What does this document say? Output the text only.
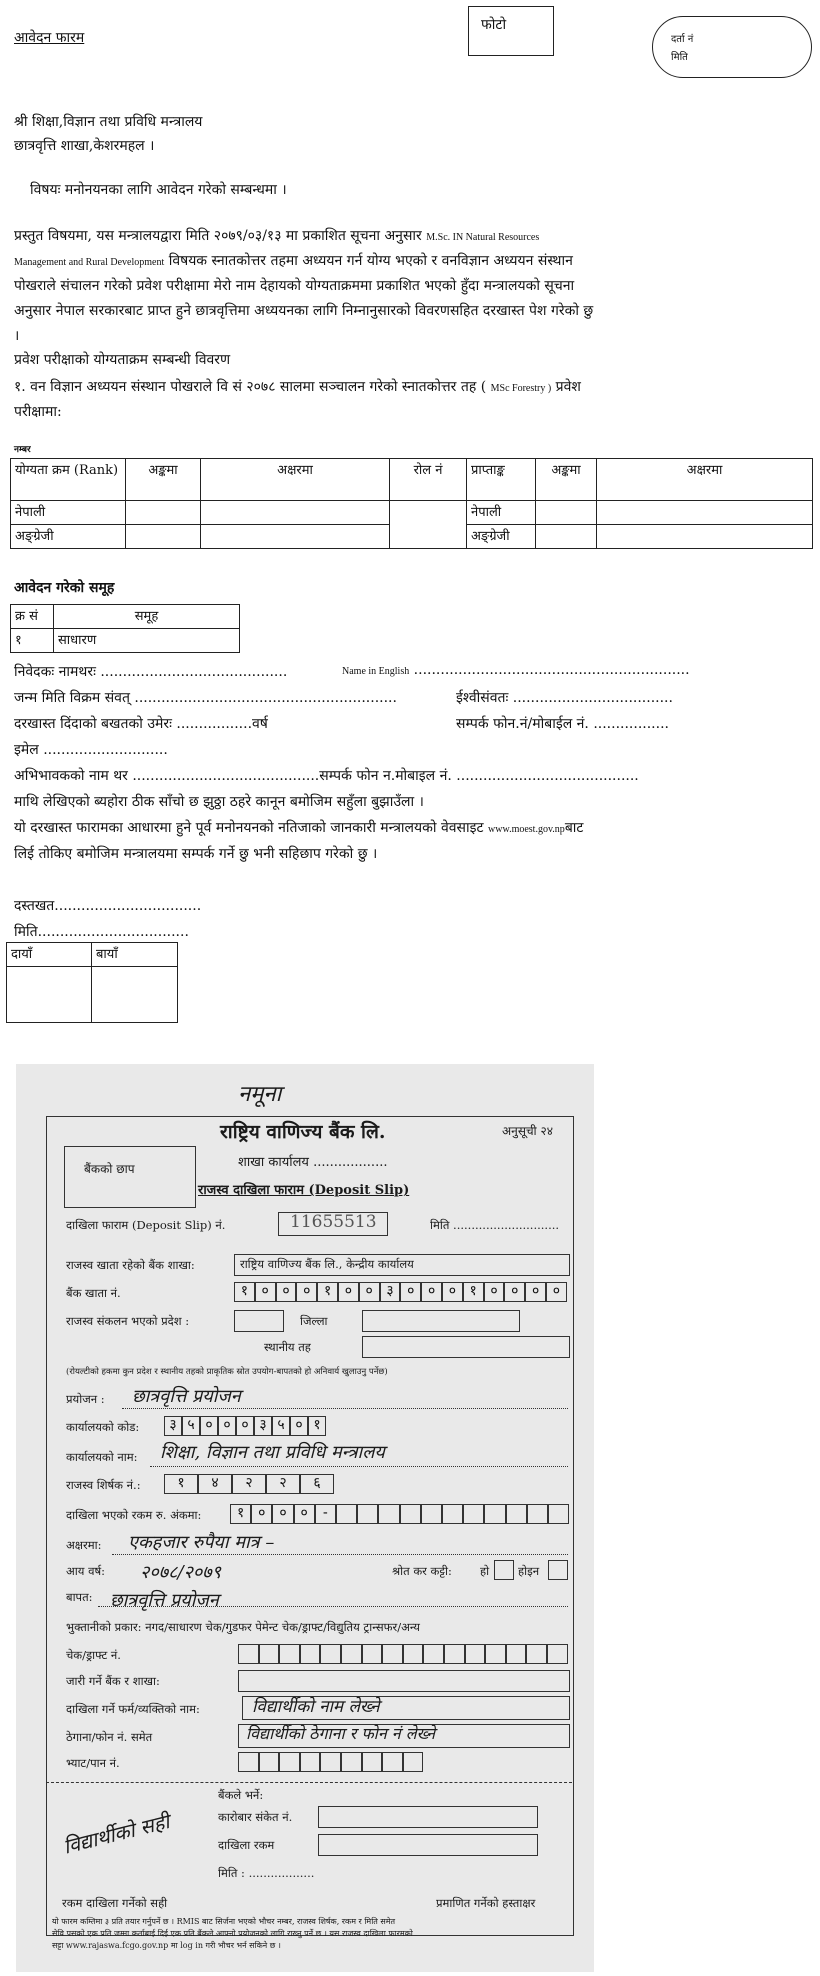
आवेदन फारम
फोटो
दर्ता नं
मिति
श्री शिक्षा,विज्ञान तथा प्रविधि मन्त्रालय
छात्रवृत्ति शाखा,केशरमहल ।
विषयः मनोनयनका लागि आवेदन गरेको सम्बन्धमा ।
प्रस्तुत विषयमा, यस मन्त्रालयद्वारा मिति २०७९/०३/१३ मा प्रकाशित सूचना अनुसार M.Sc. IN Natural Resources
Management and Rural Development विषयक स्नातकोत्तर तहमा अध्ययन गर्न योग्य भएको र वनविज्ञान अध्ययन संस्थान
पोखराले संचालन गरेको प्रवेश परीक्षामा मेरो नाम देहायको योग्यताक्रममा प्रकाशित भएको हुँदा मन्त्रालयको सूचना
अनुसार नेपाल सरकारबाट प्राप्त हुने छात्रवृत्तिमा अध्ययनका लागि निम्नानुसारको विवरणसहित दरखास्त पेश गरेको छु
।
प्रवेश परीक्षाको योग्यताक्रम सम्बन्धी विवरण
१. वन विज्ञान अध्ययन संस्थान पोखराले वि सं २०७८ सालमा सञ्चालन गरेको स्नातकोत्तर तह ( MSc Forestry ) प्रवेश
परीक्षामा:
नम्बर
योग्यता क्रम (Rank)	अङ्कमा	अक्षरमा	रोल नं	प्राप्ताङ्क	अङ्कमा	अक्षरमा
नेपाली				नेपाली		
अङ्ग्रेजी				अङ्ग्रेजी		
आवेदन गरेको समूह
क्र सं	समूह
१	साधारण
निवेदकः नामथरः ..........................................	Name in English ..............................................................
जन्म मिति विक्रम संवत् ...........................................................	ईश्वीसंवतः ....................................
दरखास्त दिंदाको बखतको उमेरः .................वर्ष	सम्पर्क फोन.नं/मोबाईल नं. .................
इमेल ............................
अभिभावकको नाम थर ..........................................सम्पर्क फोन न.मोबाइल नं. .........................................
माथि लेखिएको ब्यहोरा ठीक साँचो छ झुठ्ठा ठहरे कानून बमोजिम सहुँला बुझाउँला ।
यो दरखास्त फारामका आधारमा हुने पूर्व मनोनयनको नतिजाको जानकारी मन्त्रालयको वेवसाइट www.moest.gov.npबाट
लिई तोकिए बमोजिम मन्त्रालयमा सम्पर्क गर्ने छु भनी सहिछाप गरेको छु ।
दस्तखत.................................
मिति..................................
दायाँ	बायाँ

नमूना
राष्ट्रिय वाणिज्य बैंक लि.	अनुसूची २४
बैंकको छाप	शाखा कार्यालय ..................
राजस्व दाखिला फाराम (Deposit Slip)
दाखिला फाराम (Deposit Slip) नं.	11655513	मिति .............................
राजस्व खाता रहेको बैंक शाखा:	राष्ट्रिय वाणिज्य बैंक लि., केन्द्रीय कार्यालय
बैंक खाता नं.	१ ० ० ० १ ० ० ३ ० ० ० १ ० ० ० ०
राजस्व संकलन भएको प्रदेश :	जिल्ला
स्थानीय तह
(रोयल्टीको हकमा कुन प्रदेश र स्थानीय तहको प्राकृतिक स्रोत उपयोग-बापतको हो अनिवार्य खुलाउनु पर्नेछ)
प्रयोजन : छात्रवृत्ति प्रयोजन
कार्यालयको कोड:	३ ५ ० ० ० ३ ५ ० १
कार्यालयको नाम: शिक्षा, विज्ञान तथा प्रविधि मन्त्रालय
राजस्व शिर्षक नं.:	१	४	२	२	६
दाखिला भएको रकम रु. अंकमा:	१ ० ० ० -
अक्षरमा: एकहजार रुपैया मात्र –
आय वर्ष: २०७८/२०७९	श्रोत कर कट्टी: हो	होइन
बापत: छात्रवृत्ति प्रयोजन
भुक्तानीको प्रकार: नगद/साधारण चेक/गुडफर पेमेन्ट चेक/ड्राफ्ट/विद्युतिय ट्रान्सफर/अन्य
चेक/ड्राफ्ट नं.
जारी गर्ने बैंक र शाखा:
दाखिला गर्ने फर्म/व्यक्तिको नाम:	विद्यार्थीको नाम लेख्ने
ठेगाना/फोन नं. समेत	विद्यार्थीको ठेगाना र फोन नं लेख्ने
भ्याट/पान नं.
विद्यार्थीको सही
बैंकले भर्ने:
कारोबार संकेत नं.
दाखिला रकम
मिति : ..................
रकम दाखिला गर्नेको सही	प्रमाणित गर्नेको हस्ताक्षर
यो फारम कम्तिमा ३ प्रति तयार गर्नुपर्ने छ । RMIS बाट सिर्जना भएको भौचर नम्बर, राजस्व शिर्षक, रकम र मिति समेत
सेवि पसको एक प्रति जम्मा कर्ताबाई दिई एक प्रति बैंकले आफ्नो प्रयोजनको लागि राख्नु पर्ने छ । यस राजस्व दाखिला फारमको
सट्टा www.rajaswa.fcgo.gov.np मा log in गरी भौचर भर्न सकिने छ ।
